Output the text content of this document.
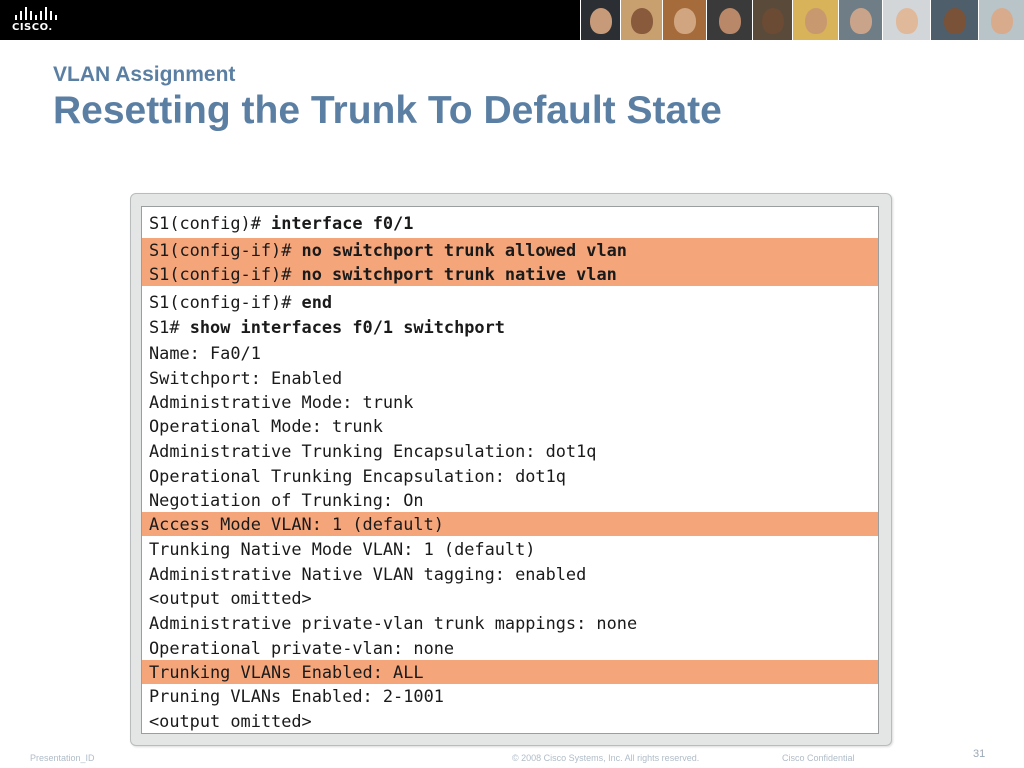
CISCO.
VLAN Assignment
Resetting the Trunk To Default State
S1(config)# interface f0/1
S1(config-if)# no switchport trunk allowed vlan
S1(config-if)# no switchport trunk native vlan
S1(config-if)# end
S1# show interfaces f0/1 switchport
Name: Fa0/1
Switchport: Enabled
Administrative Mode: trunk
Operational Mode: trunk
Administrative Trunking Encapsulation: dot1q
Operational Trunking Encapsulation: dot1q
Negotiation of Trunking: On
Access Mode VLAN: 1 (default)
Trunking Native Mode VLAN: 1 (default)
Administrative Native VLAN tagging: enabled
<output omitted>
Administrative private-vlan trunk mappings: none
Operational private-vlan: none
Trunking VLANs Enabled: ALL
Pruning VLANs Enabled: 2-1001
<output omitted>
Presentation_ID	© 2008 Cisco Systems, Inc. All rights reserved.	Cisco Confidential	31
